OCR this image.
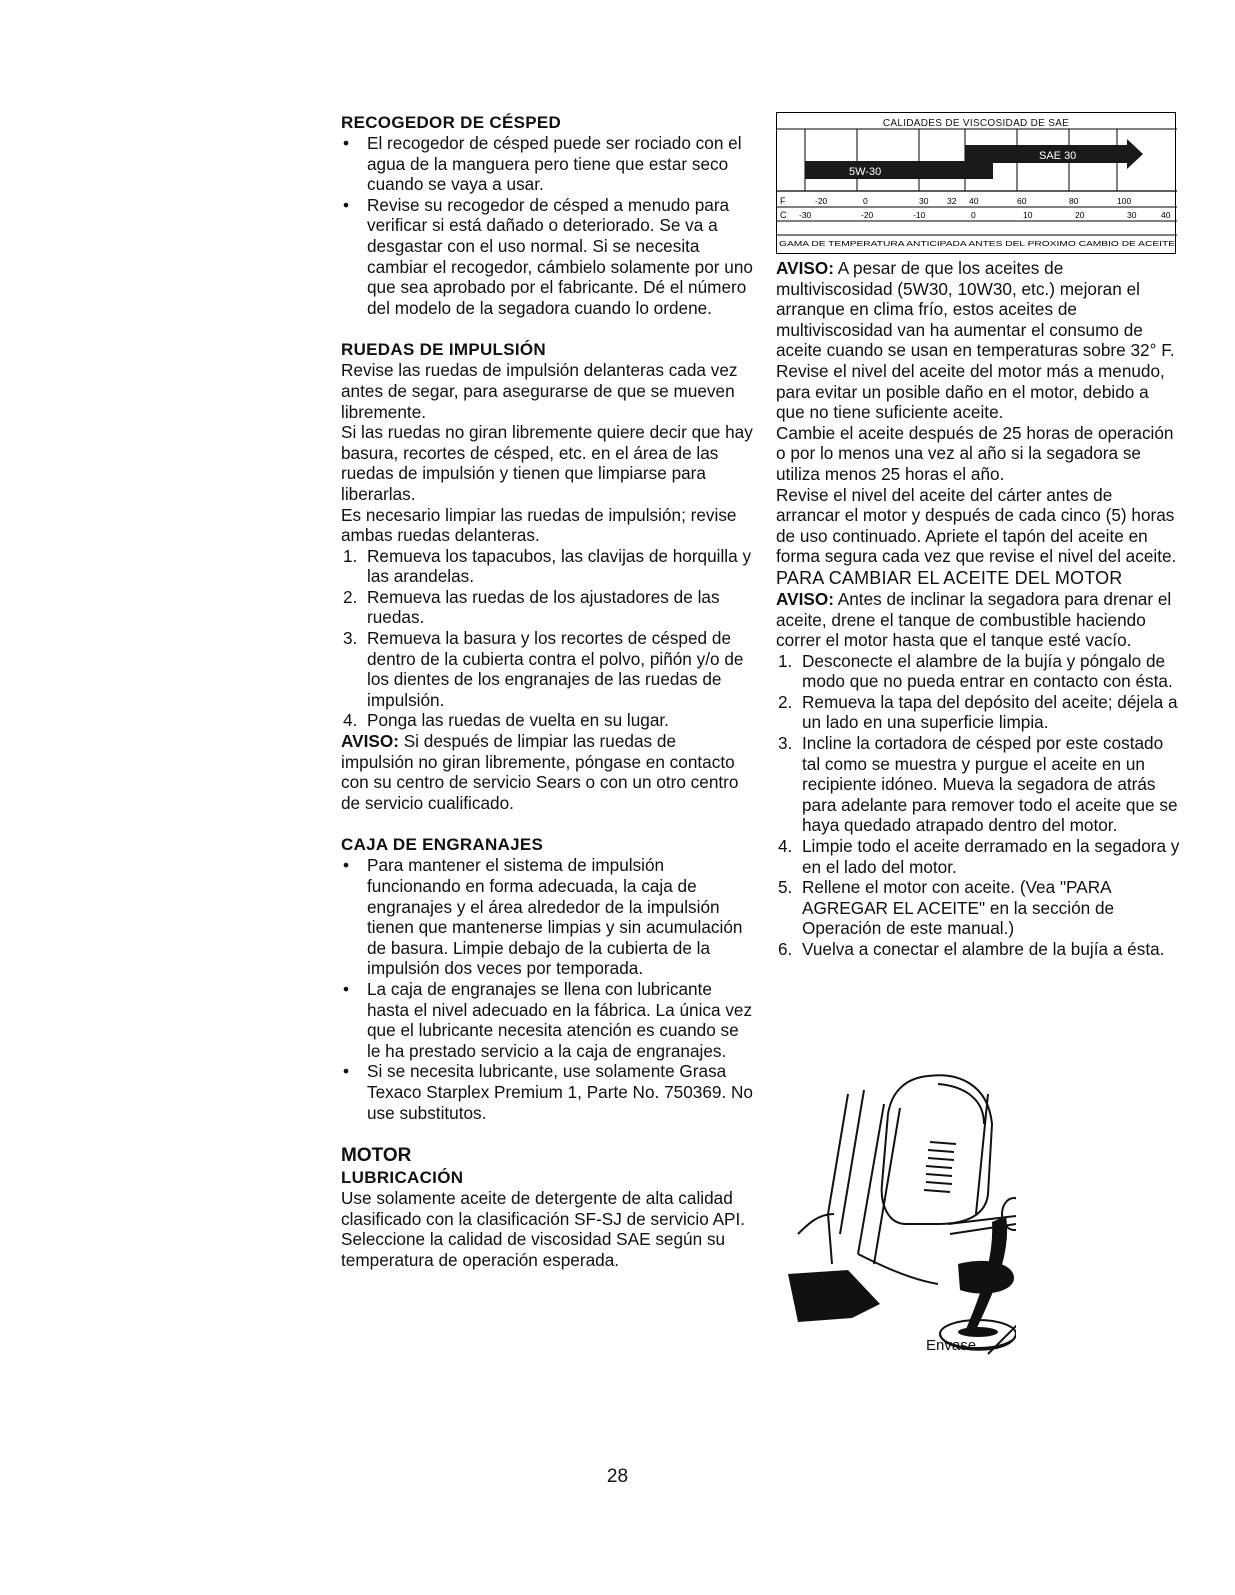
RECOGEDOR DE CÉSPED
• El recogedor de césped puede ser rociado con el agua de la manguera pero tiene que estar seco cuando se vaya a usar.
• Revise su recogedor de césped a menudo para verificar si está dañado o deteriorado. Se va a desgastar con el uso normal. Si se necesita cambiar el recogedor, cámbielo solamente por uno que sea aprobado por el fabricante. Dé el número del modelo de la segadora cuando lo ordene.
RUEDAS DE IMPULSIÓN

Revise las ruedas de impulsión delanteras cada vez antes de segar, para asegurarse de que se mueven libremente.

Si las ruedas no giran libremente quiere decir que hay basura, recortes de césped, etc. en el área de las ruedas de impulsión y tienen que limpiarse para liberarlas.

Es necesario limpiar las ruedas de impulsión; revise ambas ruedas delanteras.

1. Remueva los tapacubos, las clavijas de horquilla y las arandelas.
2. Remueva las ruedas de los ajustadores de las ruedas.
3. Remueva la basura y los recortes de césped de dentro de la cubierta contra el polvo, piñón y/o de los dientes de los engranajes de las ruedas de impulsión.
4. Ponga las ruedas de vuelta en su lugar.

AVISO: Si después de limpiar las ruedas de impulsión no giran libremente, póngase en contacto con su centro de servicio Sears o con un otro centro de servicio cualificado.

CAJA DE ENGRANAJES
• Para mantener el sistema de impulsión funcionando en forma adecuada, la caja de engranajes y el área alrededor de la impulsión tienen que mantenerse limpias y sin acumulación de basura. Limpie debajo de la cubierta de la impulsión dos veces por temporada.
• La caja de engranajes se llena con lubricante hasta el nivel adecuado en la fábrica. La única vez que el lubricante necesita atención es cuando se le ha prestado servicio a la caja de engranajes.
• Si se necesita lubricante, use solamente Grasa Texaco Starplex Premium 1, Parte No. 750369. No use substitutos.
MOTOR
LUBRICACIÓN

Use solamente aceite de detergente de alta calidad clasificado con la clasificación SF-SJ de servicio API. Seleccione la calidad de viscosidad SAE según su temperatura de operación esperada.

5W-30
SAE 30
F	-20	0	30 32 40	60	80	100
C -30	-20	-10	0	10	20	30	40
GAMA DE TEMPERATURA ANTICIPADA ANTES DEL PROXIMO CAMBIO DE ACEITE
CALIDADES DE VISCOSIDAD DE SAE

AVISO: A pesar de que los aceites de multiviscosidad (5W30, 10W30, etc.) mejoran el arranque en clima frío, estos aceites de multiviscosidad van ha aumentar el consumo de aceite cuando se usan en temperaturas sobre 32° F. Revise el nivel del aceite del motor más a menudo, para evitar un posible daño en el motor, debido a que no tiene suficiente aceite.

Cambie el aceite después de 25 horas de operación o por lo menos una vez al año si la segadora se utiliza menos 25 horas el año.

Revise el nivel del aceite del cárter antes de arrancar el motor y después de cada cinco (5) horas de uso continuado. Apriete el tapón del aceite en forma segura cada vez que revise el nivel del aceite.

PARA CAMBIAR EL ACEITE DEL MOTOR

AVISO: Antes de inclinar la segadora para drenar el aceite, drene el tanque de combustible haciendo correr el motor hasta que el tanque esté vacío.

1. Desconecte el alambre de la bujía y póngalo de modo que no pueda entrar en contacto con ésta.
2. Remueva la tapa del depósito del aceite; déjela a un lado en una superficie limpia.
3. Incline la cortadora de césped por este costado tal como se muestra y purgue el aceite en un recipiente idóneo. Mueva la segadora de atrás para adelante para remover todo el aceite que se haya quedado atrapado dentro del motor.
4. Limpie todo el aceite derramado en la segadora y en el lado del motor.
5. Rellene el motor con aceite. (Vea "PARA AGREGAR EL ACEITE" en la sección de Operación de este manual.)
6. Vuelva a conectar el alambre de la bujía a ésta.
Envase
28
